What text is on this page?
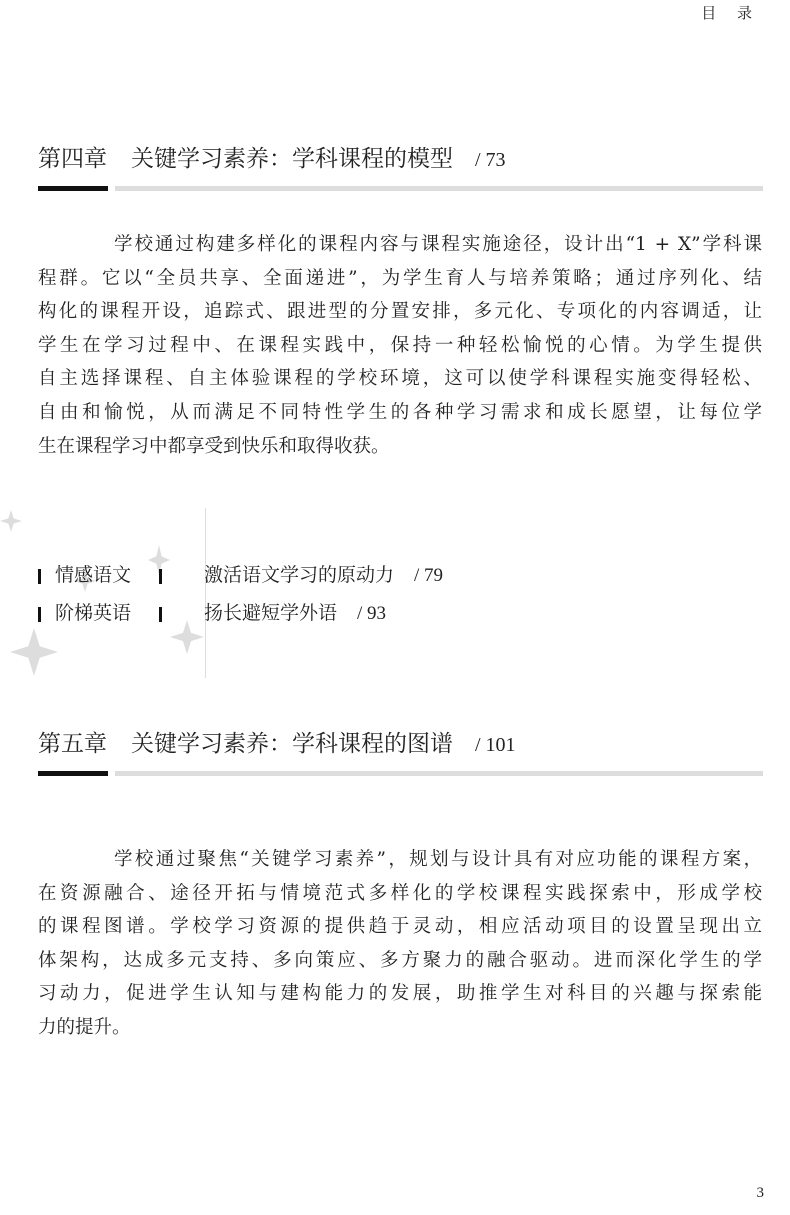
目 录
第四章 关键学习素养：学科课程的模型 / 73
学校通过构建多样化的课程内容与课程实施途径，设计出“1 + X”学科课
程群。它以“全员共享、全面递进”，为学生育人与培养策略；通过序列化、结
构化的课程开设，追踪式、跟进型的分置安排，多元化、专项化的内容调适，让
学生在学习过程中、在课程实践中，保持一种轻松愉悦的心情。为学生提供
自主选择课程、自主体验课程的学校环境，这可以使学科课程实施变得轻松、
自由和愉悦，从而满足不同特性学生的各种学习需求和成长愿望，让每位学
生在课程学习中都享受到快乐和取得收获。
情感语文	激活语文学习的原动力 / 79
阶梯英语	扬长避短学外语 / 93
第五章 关键学习素养：学科课程的图谱 / 101
学校通过聚焦“关键学习素养”，规划与设计具有对应功能的课程方案，
在资源融合、途径开拓与情境范式多样化的学校课程实践探索中，形成学校
的课程图谱。学校学习资源的提供趋于灵动，相应活动项目的设置呈现出立
体架构，达成多元支持、多向策应、多方聚力的融合驱动。进而深化学生的学
习动力，促进学生认知与建构能力的发展，助推学生对科目的兴趣与探索能
力的提升。
3
